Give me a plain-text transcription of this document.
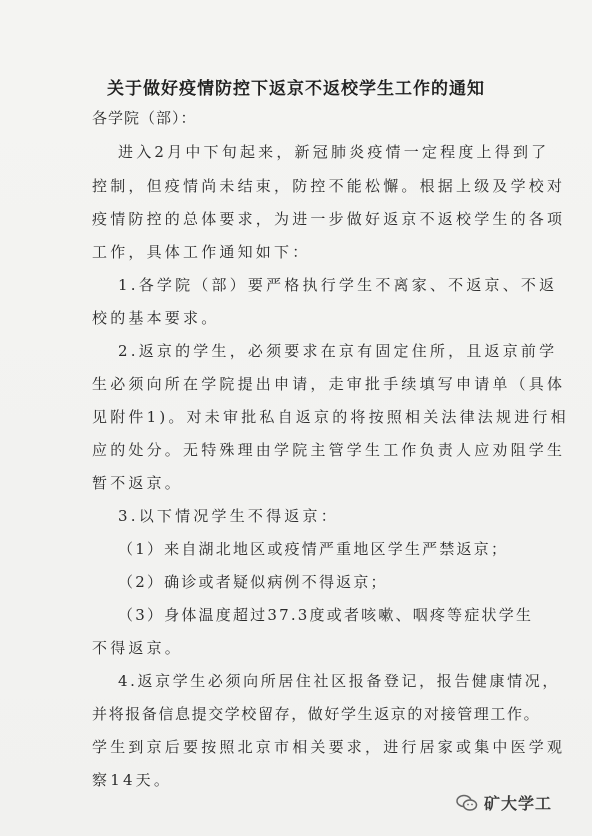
关于做好疫情防控下返京不返校学生工作的通知
各学院（部）：
进入2月中下旬起来，新冠肺炎疫情一定程度上得到了
控制，但疫情尚未结束，防控不能松懈。根据上级及学校对
疫情防控的总体要求，为进一步做好返京不返校学生的各项
工作，具体工作通知如下：
1.各学院（部）要严格执行学生不离家、不返京、不返
校的基本要求。
2.返京的学生，必须要求在京有固定住所，且返京前学
生必须向所在学院提出申请，走审批手续填写申请单（具体
见附件1)。对未审批私自返京的将按照相关法律法规进行相
应的处分。无特殊理由学院主管学生工作负责人应劝阻学生
暂不返京。
3.以下情况学生不得返京：
（1）来自湖北地区或疫情严重地区学生严禁返京；
（2）确诊或者疑似病例不得返京；
（3）身体温度超过37.3度或者咳嗽、咽疼等症状学生
不得返京。
4.返京学生必须向所居住社区报备登记，报告健康情况，
并将报备信息提交学校留存，做好学生返京的对接管理工作。
学生到京后要按照北京市相关要求，进行居家或集中医学观
察14天。
矿大学工
